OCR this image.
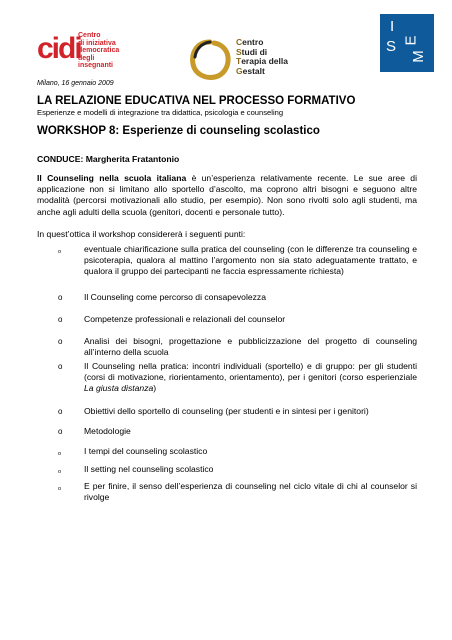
cidi
Centro
di iniziativa
democratica
degli insegnanti
Centro
Studi di
Terapia della
Gestalt
I
S E
M
Milano, 16 gennaio 2009
LA RELAZIONE EDUCATIVA NEL PROCESSO FORMATIVO
Esperienze e modelli di integrazione tra didattica, psicologia e counseling
WORKSHOP 8: Esperienze di counseling scolastico
CONDUCE: Margherita Fratantonio
Il Counseling nella scuola italiana è un’esperienza relativamente recente. Le sue aree di applicazione non si limitano allo sportello d’ascolto, ma coprono altri bisogni e seguono altre modalità (percorsi motivazionali allo studio, per esempio). Non sono rivolti solo agli studenti, ma anche agli adulti della scuola (genitori, docenti e personale tutto).
In quest’ottica il workshop considererà i seguenti punti:
o	eventuale chiarificazione sulla pratica del counseling (con le differenze tra counseling e psicoterapia, qualora al mattino l’argomento non sia stato adeguatamente trattato, e qualora il gruppo dei partecipanti ne faccia espressamente richiesta)
o	Il Counseling come percorso di consapevolezza
o	Competenze professionali e relazionali del counselor
o	Analisi dei bisogni, progettazione e pubblicizzazione del progetto di counseling all’interno della scuola
o	Il Counseling nella pratica: incontri individuali (sportello) e di gruppo: per gli studenti (corsi di motivazione, riorientamento, orientamento), per i genitori (corso esperienziale La giusta distanza)
o	Obiettivi dello sportello di counseling (per studenti e in sintesi per i genitori)
o	Metodologie
o	I tempi del counseling scolastico
o	Il setting nel counseling scolastico
o	E per finire, il senso dell’esperienza di counseling nel ciclo vitale di chi al counselor si rivolge
